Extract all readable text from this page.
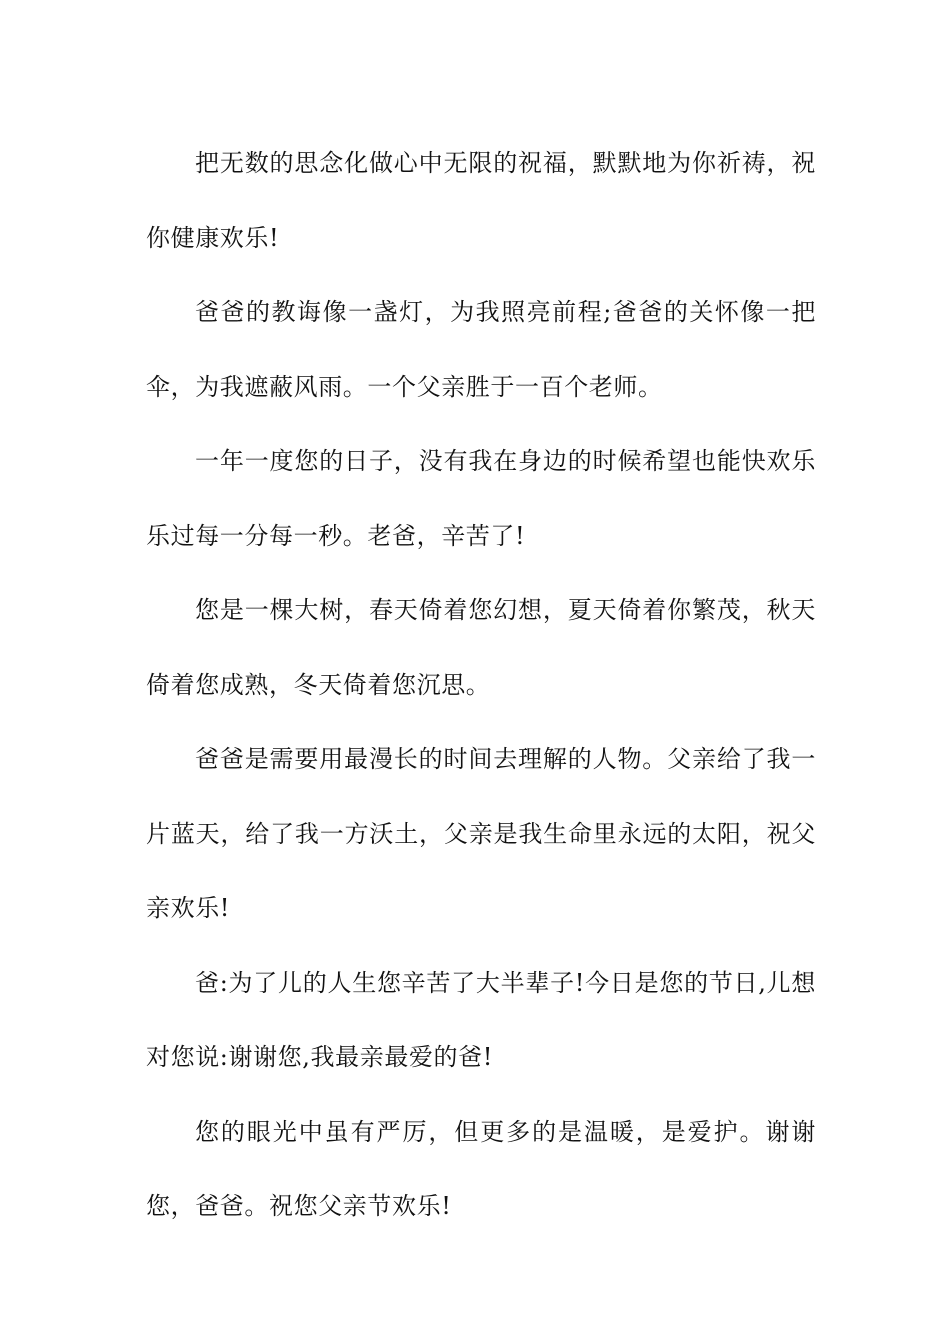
把无数的思念化做心中无限的祝福，默默地为你祈祷，祝你健康欢乐!

爸爸的教诲像一盏灯，为我照亮前程;爸爸的关怀像一把伞，为我遮蔽风雨。一个父亲胜于一百个老师。

一年一度您的日子，没有我在身边的时候希望也能快欢乐乐过每一分每一秒。老爸，辛苦了!

您是一棵大树，春天倚着您幻想，夏天倚着你繁茂，秋天倚着您成熟，冬天倚着您沉思。

爸爸是需要用最漫长的时间去理解的人物。父亲给了我一片蓝天，给了我一方沃土，父亲是我生命里永远的太阳，祝父亲欢乐!

爸:为了儿的人生您辛苦了大半辈子!今日是您的节日,儿想对您说:谢谢您,我最亲最爱的爸!

您的眼光中虽有严厉，但更多的是温暖，是爱护。谢谢您，爸爸。祝您父亲节欢乐!
